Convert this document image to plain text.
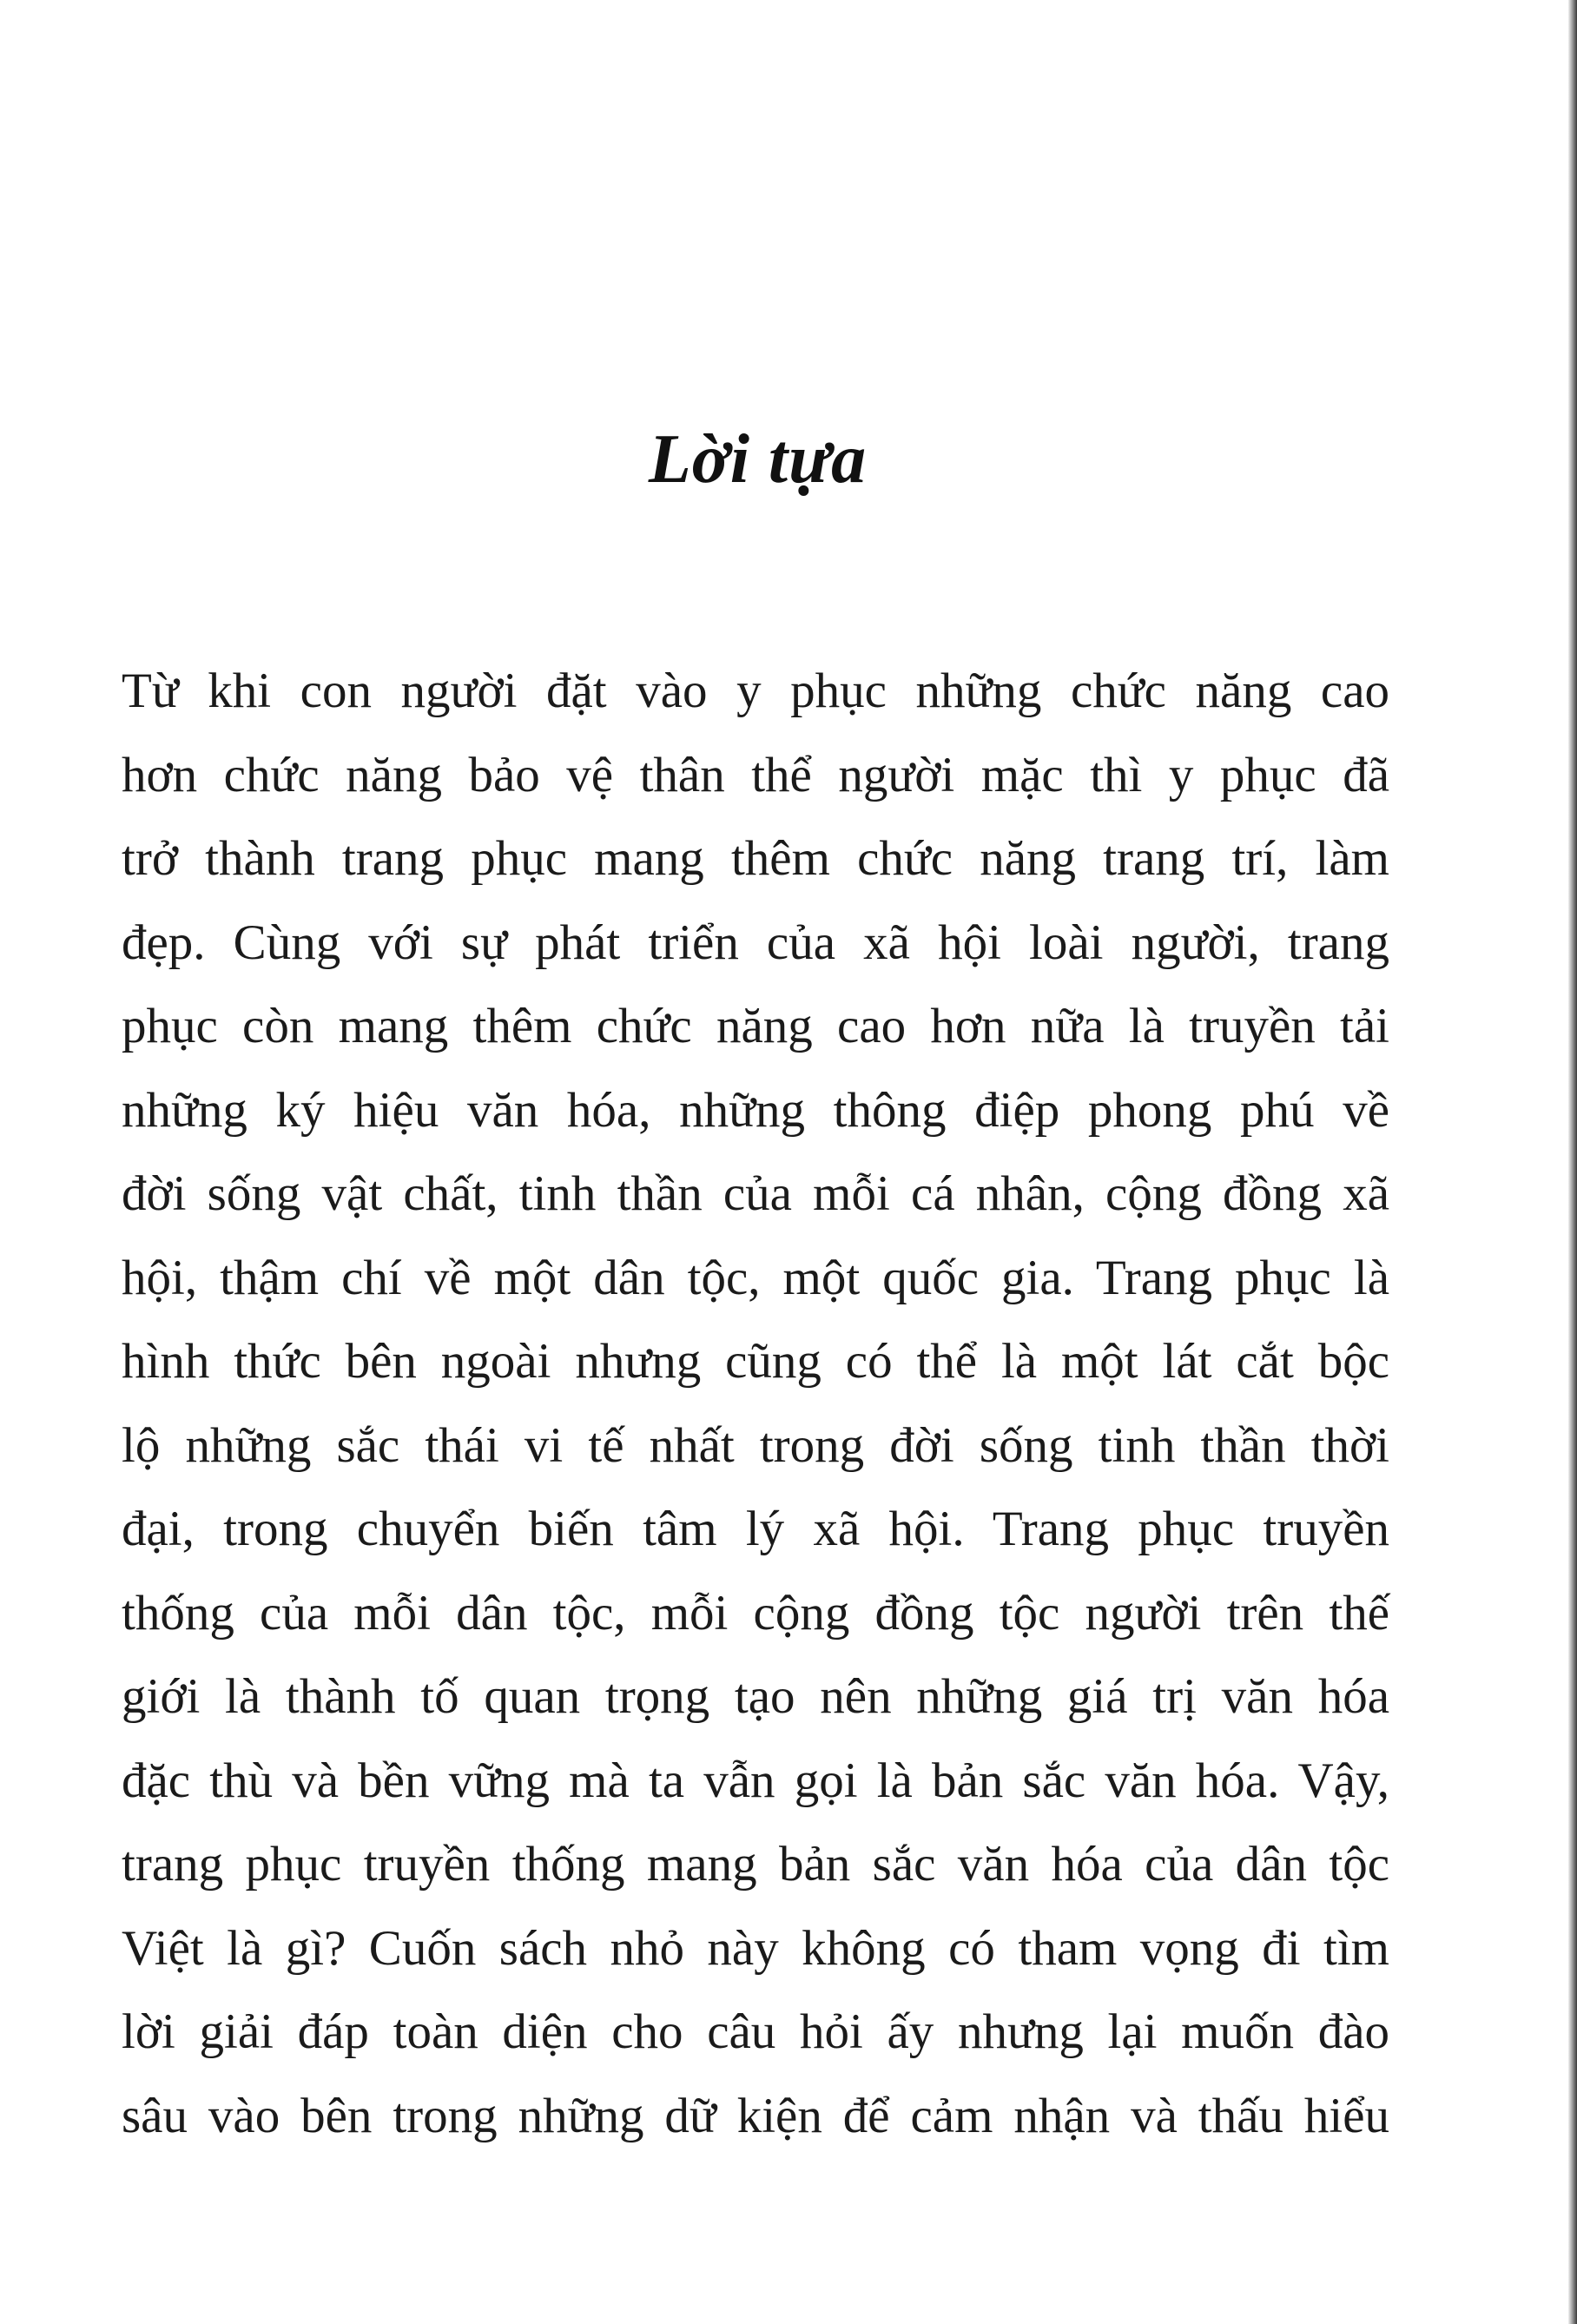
Lời tựa
Từ khi con người đặt vào y phục những chức năng cao
hơn chức năng bảo vệ thân thể người mặc thì y phục đã
trở thành trang phục mang thêm chức năng trang trí, làm
đẹp. Cùng với sự phát triển của xã hội loài người, trang
phục còn mang thêm chức năng cao hơn nữa là truyền tải
những ký hiệu văn hóa, những thông điệp phong phú về
đời sống vật chất, tinh thần của mỗi cá nhân, cộng đồng xã
hội, thậm chí về một dân tộc, một quốc gia. Trang phục là
hình thức bên ngoài nhưng cũng có thể là một lát cắt bộc
lộ những sắc thái vi tế nhất trong đời sống tinh thần thời
đại, trong chuyển biến tâm lý xã hội. Trang phục truyền
thống của mỗi dân tộc, mỗi cộng đồng tộc người trên thế
giới là thành tố quan trọng tạo nên những giá trị văn hóa
đặc thù và bền vững mà ta vẫn gọi là bản sắc văn hóa. Vậy,
trang phục truyền thống mang bản sắc văn hóa của dân tộc
Việt là gì? Cuốn sách nhỏ này không có tham vọng đi tìm
lời giải đáp toàn diện cho câu hỏi ấy nhưng lại muốn đào
sâu vào bên trong những dữ kiện để cảm nhận và thấu hiểu
